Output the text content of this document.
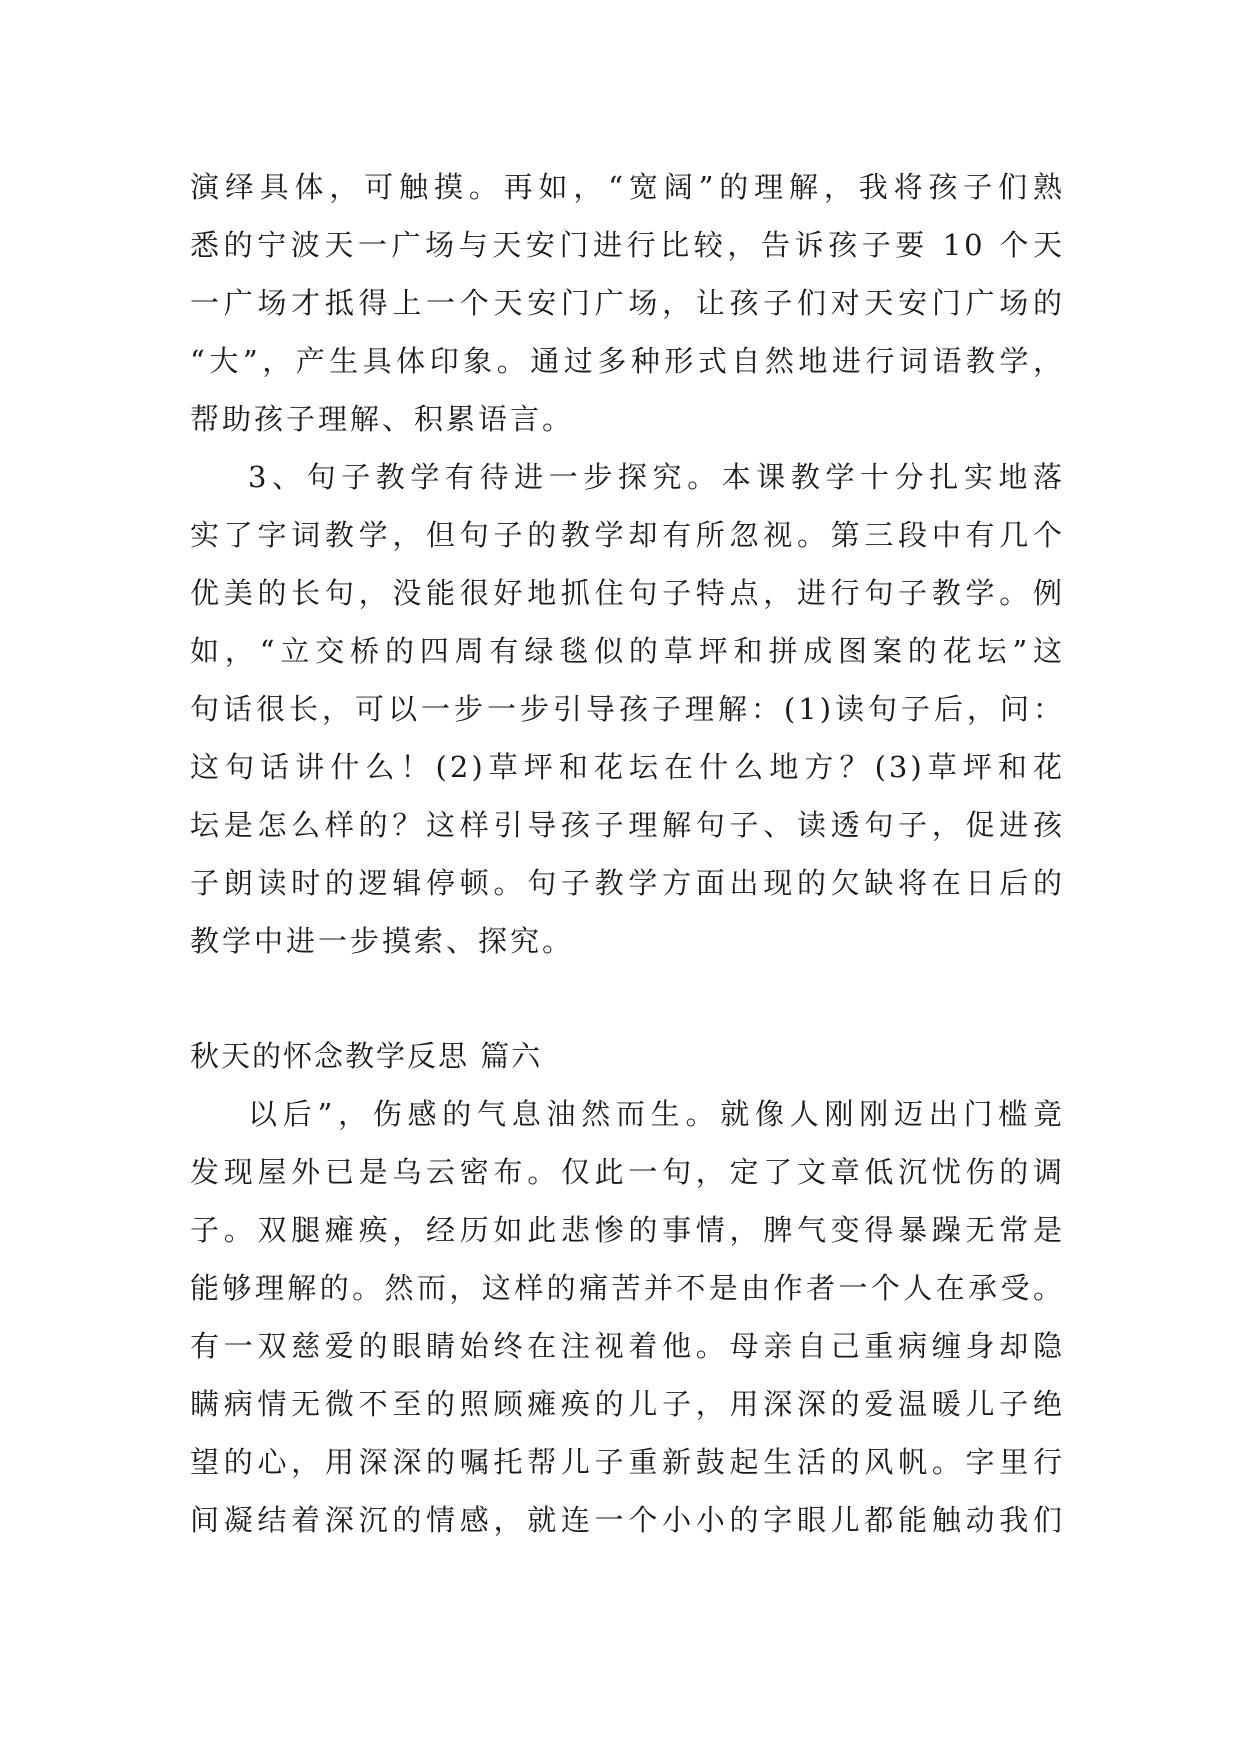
演绎具体，可触摸。再如，“宽阔”的理解，我将孩子们熟
悉的宁波天一广场与天安门进行比较，告诉孩子要 10 个天
一广场才抵得上一个天安门广场，让孩子们对天安门广场的
“大”，产生具体印象。通过多种形式自然地进行词语教学，
帮助孩子理解、积累语言。
3、句子教学有待进一步探究。本课教学十分扎实地落
实了字词教学，但句子的教学却有所忽视。第三段中有几个
优美的长句，没能很好地抓住句子特点，进行句子教学。例
如，“立交桥的四周有绿毯似的草坪和拼成图案的花坛”这
句话很长，可以一步一步引导孩子理解：(1)读句子后，问：
这句话讲什么！(2)草坪和花坛在什么地方？(3)草坪和花
坛是怎么样的？这样引导孩子理解句子、读透句子，促进孩
子朗读时的逻辑停顿。句子教学方面出现的欠缺将在日后的
教学中进一步摸索、探究。
秋天的怀念教学反思 篇六
以后”，伤感的气息油然而生。就像人刚刚迈出门槛竟
发现屋外已是乌云密布。仅此一句，定了文章低沉忧伤的调
子。双腿瘫痪，经历如此悲惨的事情，脾气变得暴躁无常是
能够理解的。然而，这样的痛苦并不是由作者一个人在承受。
有一双慈爱的眼睛始终在注视着他。母亲自己重病缠身却隐
瞒病情无微不至的照顾瘫痪的儿子，用深深的爱温暖儿子绝
望的心，用深深的嘱托帮儿子重新鼓起生活的风帆。字里行
间凝结着深沉的情感，就连一个小小的字眼儿都能触动我们
